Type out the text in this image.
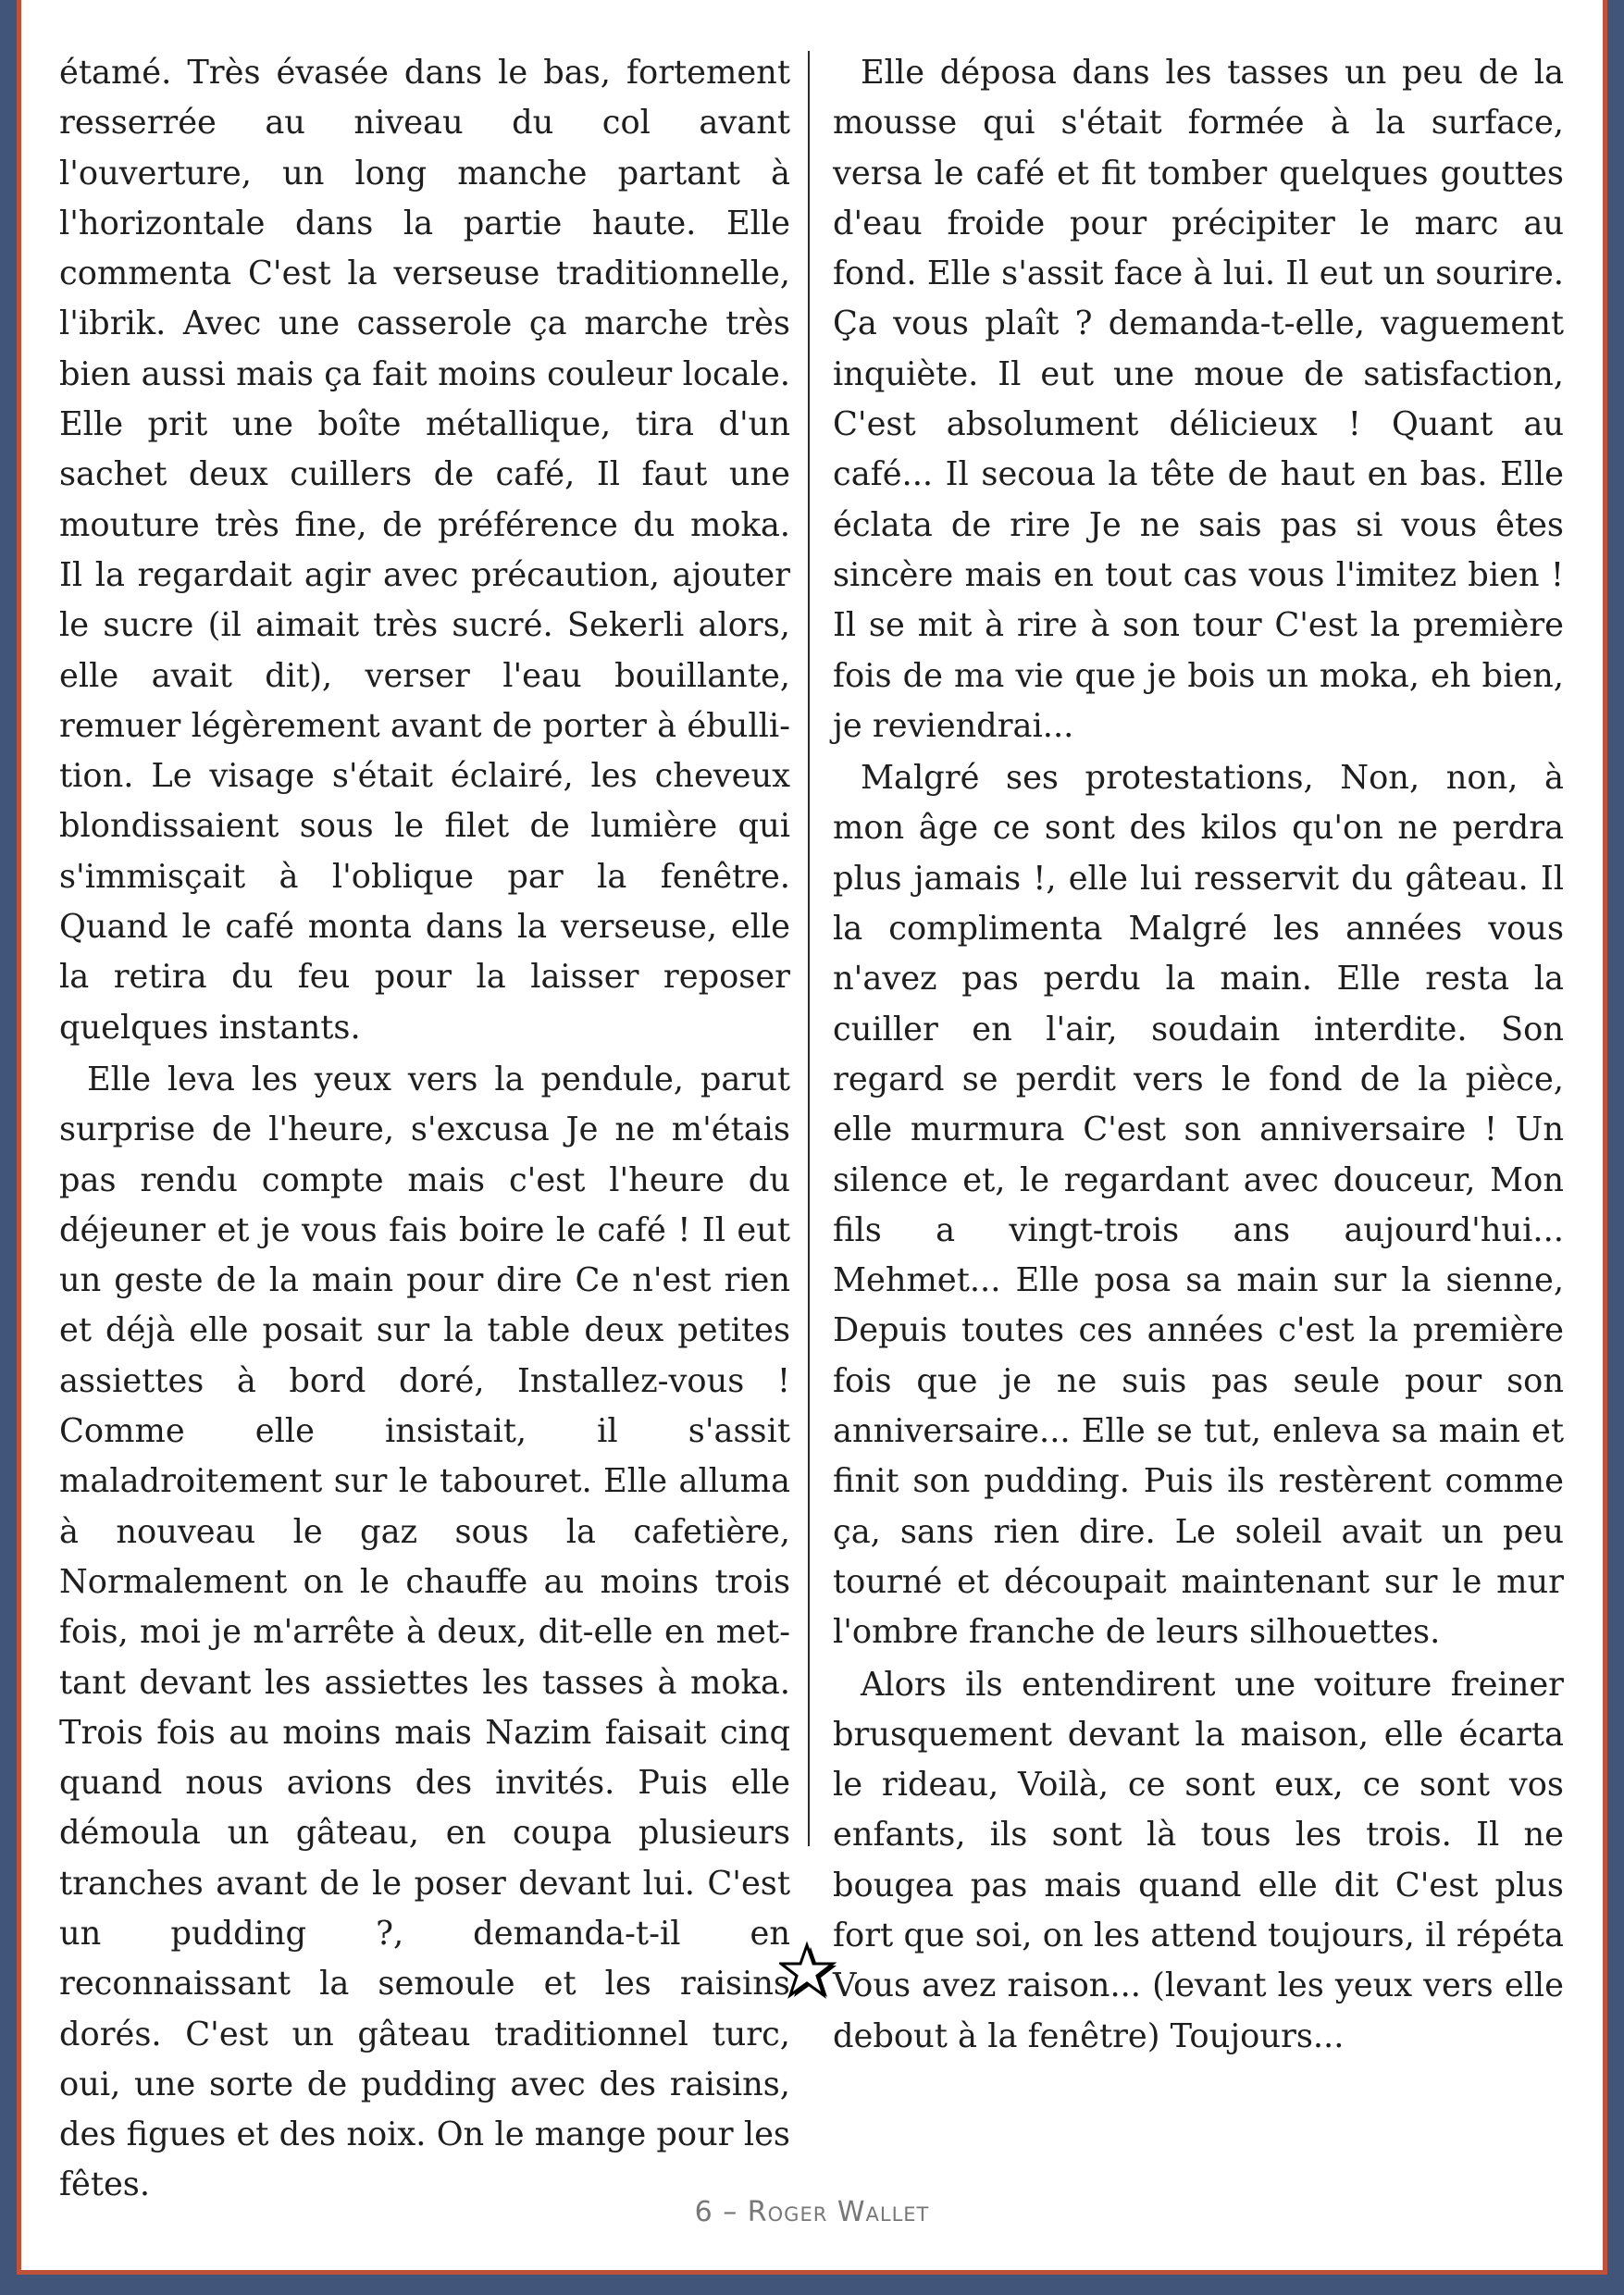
étamé. Très évasée dans le bas, fortement resserrée au niveau du col avant l'ouverture, un long manche partant à l'horizontale dans la partie haute. Elle commenta C'est la verseuse traditionnelle, l'ibrik. Avec une casserole ça marche très bien aussi mais ça fait moins couleur locale. Elle prit une boîte métallique, tira d'un sachet deux cuillers de café, Il faut une mouture très fine, de préférence du moka. Il la regardait agir avec précaution, ajouter le sucre (il aimait très sucré. Sekerli alors, elle avait dit), verser l'eau bouillante, remuer légèrement avant de porter à ébullition. Le visage s'était éclairé, les cheveux blondissaient sous le filet de lumière qui s'immisçait à l'oblique par la fenêtre. Quand le café monta dans la verseuse, elle la retira du feu pour la laisser reposer quelques instants.

Elle leva les yeux vers la pendule, parut surprise de l'heure, s'excusa Je ne m'étais pas rendu compte mais c'est l'heure du déjeuner et je vous fais boire le café ! Il eut un geste de la main pour dire Ce n'est rien et déjà elle posait sur la table deux petites assiettes à bord doré, Installez-vous ! Comme elle insistait, il s'assit maladroitement sur le tabouret. Elle alluma à nouveau le gaz sous la cafetière, Normalement on le chauffe au moins trois fois, moi je m'arrête à deux, dit-elle en mettant devant les assiettes les tasses à moka. Trois fois au moins mais Nazim faisait cinq quand nous avions des invités. Puis elle démoula un gâteau, en coupa plusieurs tranches avant de le poser devant lui. C'est un pudding ?, demanda-t-il en reconnaissant la semoule et les raisins dorés. C'est un gâteau traditionnel turc, oui, une sorte de pudding avec des raisins, des figues et des noix. On le mange pour les fêtes.

Elle déposa dans les tasses un peu de la mousse qui s'était formée à la surface, versa le café et fit tomber quelques gouttes d'eau froide pour précipiter le marc au fond. Elle s'assit face à lui. Il eut un sourire. Ça vous plaît ? demanda-t-elle, vaguement inquiète. Il eut une moue de satisfaction, C'est absolument délicieux ! Quant au café... Il secoua la tête de haut en bas. Elle éclata de rire Je ne sais pas si vous êtes sincère mais en tout cas vous l'imitez bien ! Il se mit à rire à son tour C'est la première fois de ma vie que je bois un moka, eh bien, je reviendrai...

Malgré ses protestations, Non, non, à mon âge ce sont des kilos qu'on ne perdra plus jamais !, elle lui resservit du gâteau. Il la complimenta Malgré les années vous n'avez pas perdu la main. Elle resta la cuiller en l'air, soudain interdite. Son regard se perdit vers le fond de la pièce, elle murmura C'est son anniversaire ! Un silence et, le regardant avec douceur, Mon fils a vingt-trois ans aujourd'hui... Mehmet... Elle posa sa main sur la sienne, Depuis toutes ces années c'est la première fois que je ne suis pas seule pour son anniversaire... Elle se tut, enleva sa main et finit son pudding. Puis ils restèrent comme ça, sans rien dire. Le soleil avait un peu tourné et découpait maintenant sur le mur l'ombre franche de leurs silhouettes.

Alors ils entendirent une voiture freiner brusquement devant la maison, elle écarta le rideau, Voilà, ce sont eux, ce sont vos enfants, ils sont là tous les trois. Il ne bougea pas mais quand elle dit C'est plus fort que soi, on les attend toujours, il répéta Vous avez raison... (levant les yeux vers elle debout à la fenêtre) Toujours...

6 – Roger Wallet
